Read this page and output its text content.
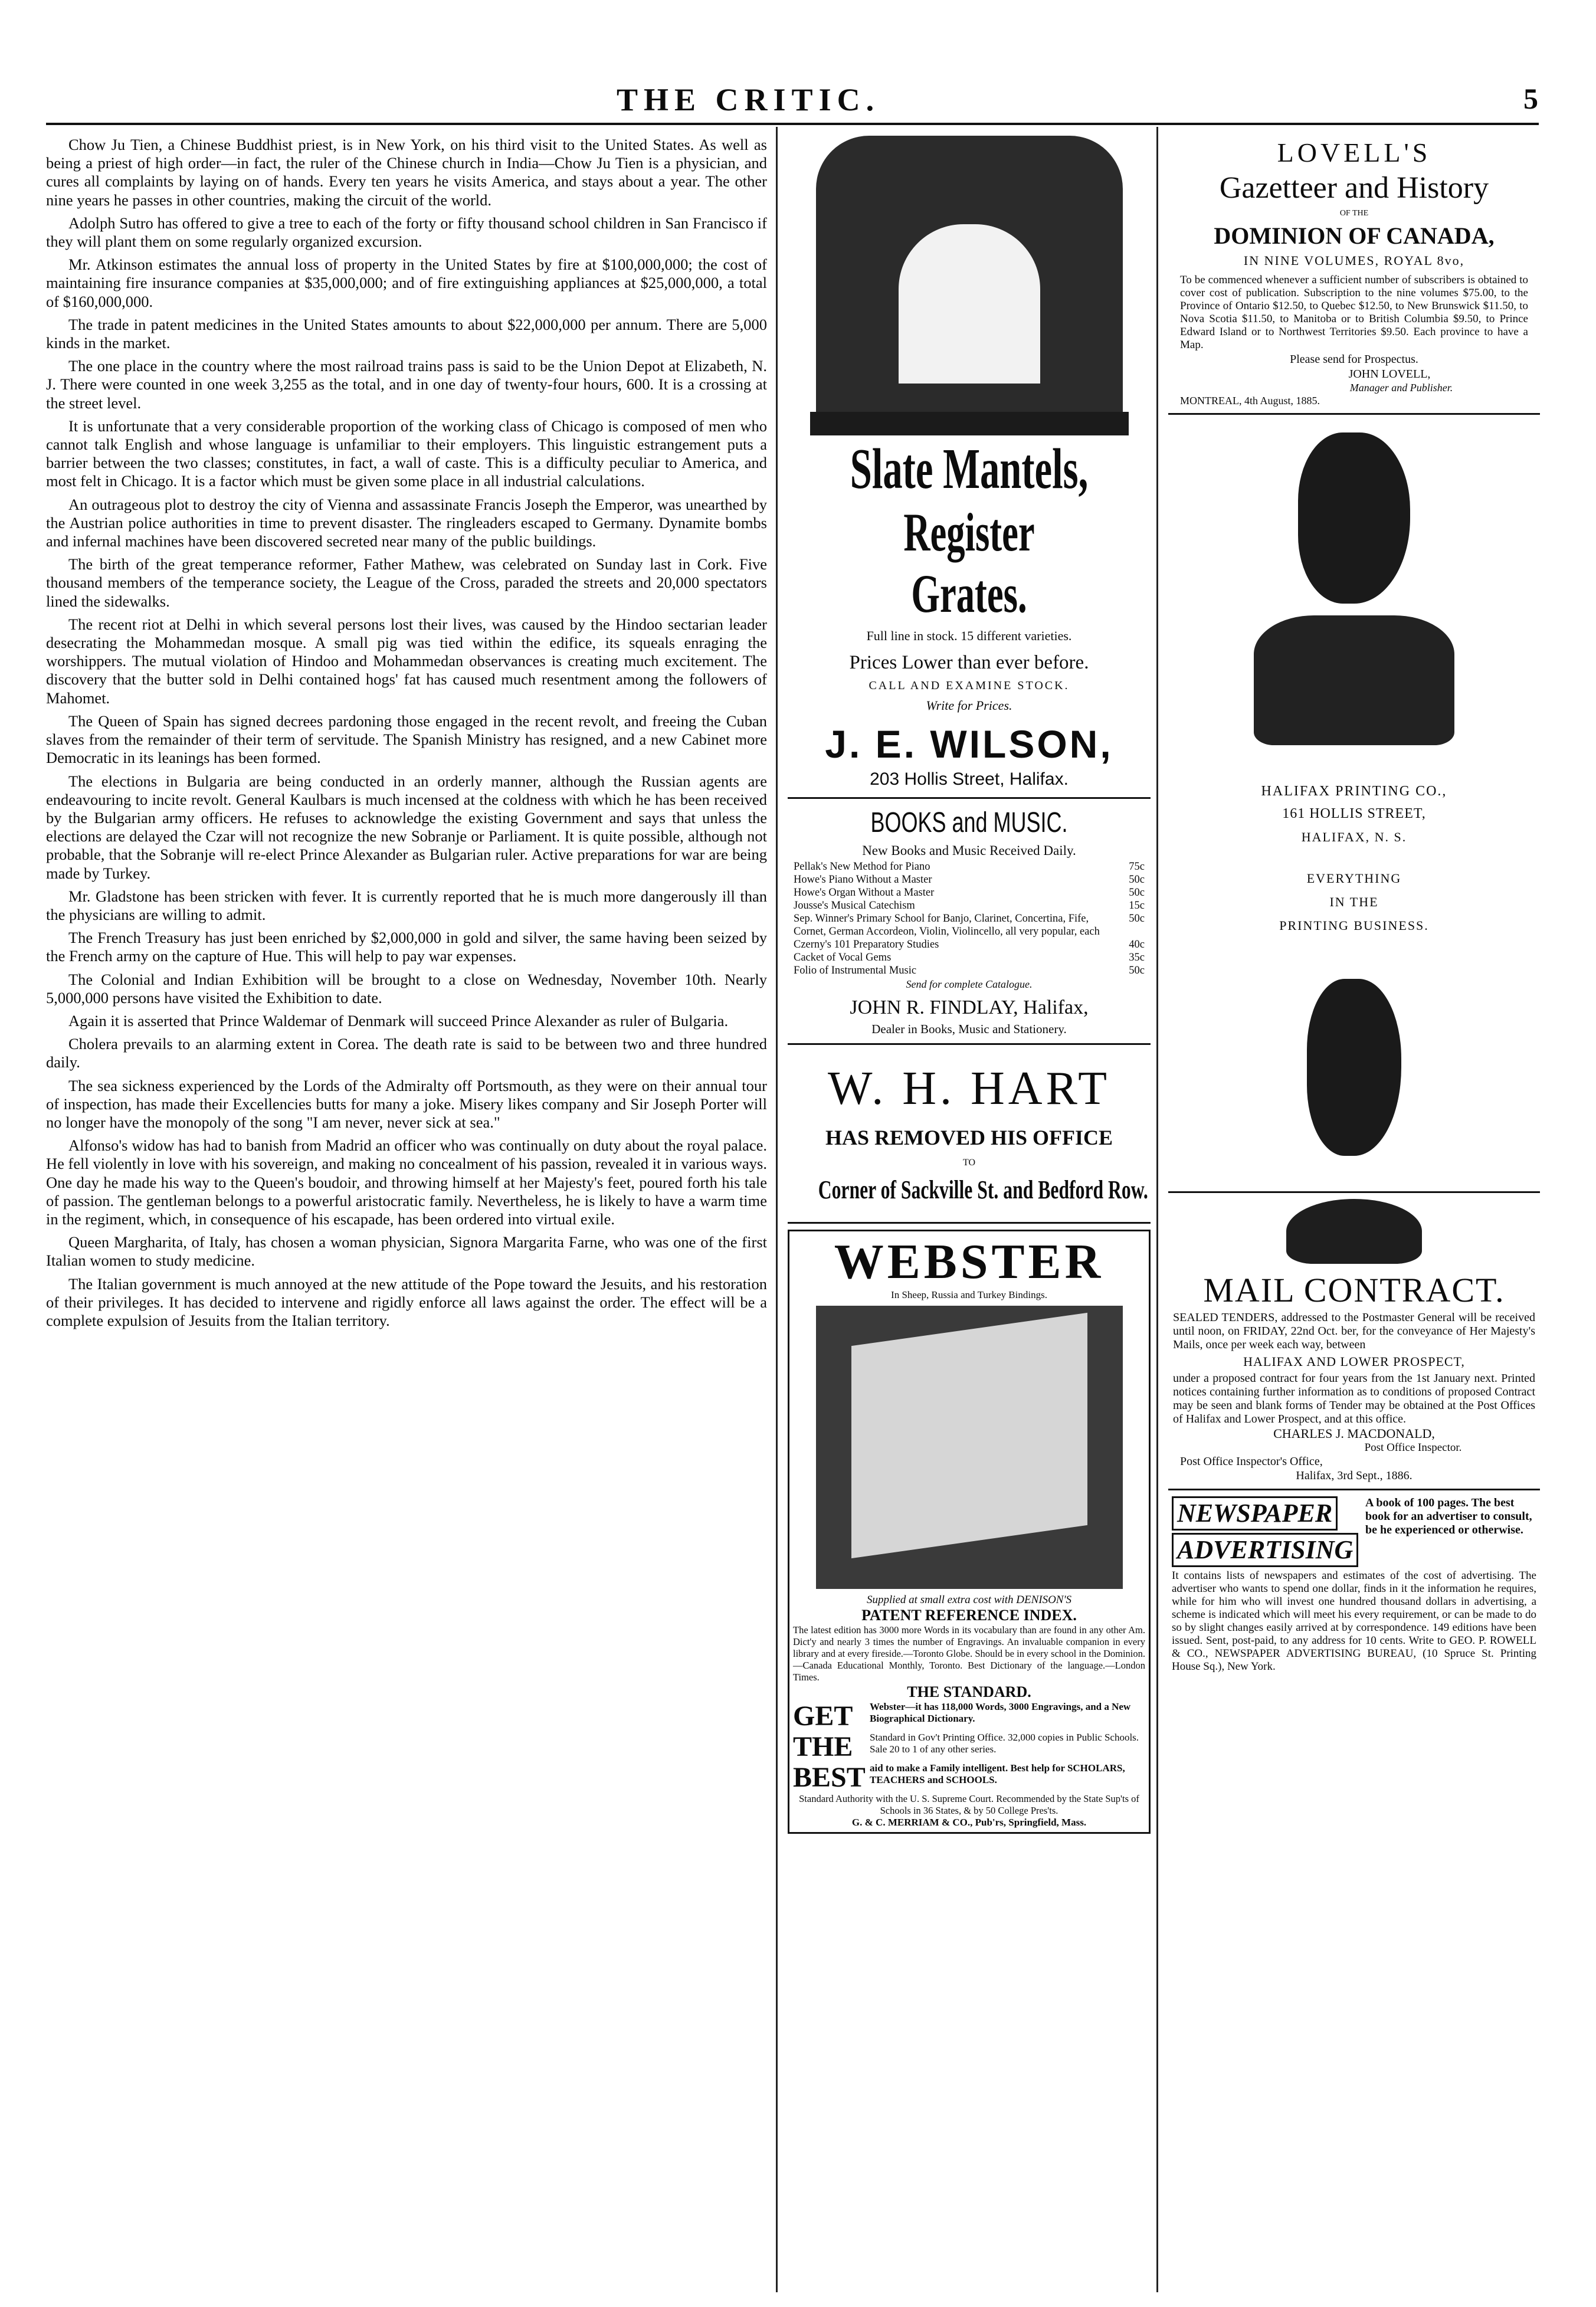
THE CRITIC.	5

Chow Ju Tien, a Chinese Buddhist priest, is in New York, on his third visit to the United States. As well as being a priest of high order—in fact, the ruler of the Chinese church in India—Chow Ju Tien is a physician, and cures all complaints by laying on of hands. Every ten years he visits America, and stays about a year. The other nine years he passes in other countries, making the circuit of the world.

Adolph Sutro has offered to give a tree to each of the forty or fifty thousand school children in San Francisco if they will plant them on some regularly organized excursion.

Mr. Atkinson estimates the annual loss of property in the United States by fire at $100,000,000; the cost of maintaining fire insurance companies at $35,000,000; and of fire extinguishing appliances at $25,000,000, a total of $160,000,000.

The trade in patent medicines in the United States amounts to about $22,000,000 per annum. There are 5,000 kinds in the market.

The one place in the country where the most railroad trains pass is said to be the Union Depot at Elizabeth, N. J. There were counted in one week 3,255 as the total, and in one day of twenty-four hours, 600. It is a crossing at the street level.

It is unfortunate that a very considerable proportion of the working class of Chicago is composed of men who cannot talk English and whose language is unfamiliar to their employers. This linguistic estrangement puts a barrier between the two classes; constitutes, in fact, a wall of caste. This is a difficulty peculiar to America, and most felt in Chicago. It is a factor which must be given some place in all industrial calculations.

An outrageous plot to destroy the city of Vienna and assassinate Francis Joseph the Emperor, was unearthed by the Austrian police authorities in time to prevent disaster. The ringleaders escaped to Germany. Dynamite bombs and infernal machines have been discovered secreted near many of the public buildings.

The birth of the great temperance reformer, Father Mathew, was celebrated on Sunday last in Cork. Five thousand members of the temperance society, the League of the Cross, paraded the streets and 20,000 spectators lined the sidewalks.

The recent riot at Delhi in which several persons lost their lives, was caused by the Hindoo sectarian leader desecrating the Mohammedan mosque. A small pig was tied within the edifice, its squeals enraging the worshippers. The mutual violation of Hindoo and Mohammedan observances is creating much excitement. The discovery that the butter sold in Delhi contained hogs' fat has caused much resentment among the followers of Mahomet.

The Queen of Spain has signed decrees pardoning those engaged in the recent revolt, and freeing the Cuban slaves from the remainder of their term of servitude. The Spanish Ministry has resigned, and a new Cabinet more Democratic in its leanings has been formed.

The elections in Bulgaria are being conducted in an orderly manner, although the Russian agents are endeavouring to incite revolt. General Kaulbars is much incensed at the coldness with which he has been received by the Bulgarian army officers. He refuses to acknowledge the existing Government and says that unless the elections are delayed the Czar will not recognize the new Sobranje or Parliament. It is quite possible, although not probable, that the Sobranje will re-elect Prince Alexander as Bulgarian ruler. Active preparations for war are being made by Turkey.

Mr. Gladstone has been stricken with fever. It is currently reported that he is much more dangerously ill than the physicians are willing to admit.

The French Treasury has just been enriched by $2,000,000 in gold and silver, the same having been seized by the French army on the capture of Hue. This will help to pay war expenses.

The Colonial and Indian Exhibition will be brought to a close on Wednesday, November 10th. Nearly 5,000,000 persons have visited the Exhibition to date.

Again it is asserted that Prince Waldemar of Denmark will succeed Prince Alexander as ruler of Bulgaria.

Cholera prevails to an alarming extent in Corea. The death rate is said to be between two and three hundred daily.

The sea sickness experienced by the Lords of the Admiralty off Portsmouth, as they were on their annual tour of inspection, has made their Excellencies butts for many a joke. Misery likes company and Sir Joseph Porter will no longer have the monopoly of the song "I am never, never sick at sea."

Alfonso's widow has had to banish from Madrid an officer who was continually on duty about the royal palace. He fell violently in love with his sovereign, and making no concealment of his passion, revealed it in various ways. One day he made his way to the Queen's boudoir, and throwing himself at her Majesty's feet, poured forth his tale of passion. The gentleman belongs to a powerful aristocratic family. Nevertheless, he is likely to have a warm time in the regiment, which, in consequence of his escapade, has been ordered into virtual exile.

Queen Margharita, of Italy, has chosen a woman physician, Signora Margarita Farne, who was one of the first Italian women to study medicine.

The Italian government is much annoyed at the new attitude of the Pope toward the Jesuits, and his restoration of their privileges. It has decided to intervene and rigidly enforce all laws against the order. The effect will be a complete expulsion of Jesuits from the Italian territory.

Slate Mantels,
Register Grates.
Full line in stock. 15 different varieties.
Prices Lower than ever before.
CALL AND EXAMINE STOCK.
Write for Prices.
J. E. WILSON,
203 Hollis Street, Halifax.
BOOKS and MUSIC.
New Books and Music Received Daily.
Pellak's New Method for Piano	75c
Howe's Piano Without a Master	50c
Howe's Organ Without a Master	50c
Jousse's Musical Catechism	15c
Sep. Winner's Primary School for Banjo, Clarinet, Concertina, Fife, Cornet, German Accordeon, Violin, Violincello, all very popular, each
50c
Czerny's 101 Preparatory Studies	40c
Cacket of Vocal Gems	35c
Folio of Instrumental Music	50c
Send for complete Catalogue.
JOHN R. FINDLAY, Halifax,
Dealer in Books, Music and Stationery.
W. H. HART
HAS REMOVED HIS OFFICE
TO
Corner of Sackville St. and Bedford Row.
WEBSTER
In Sheep, Russia and Turkey Bindings.
Supplied at small extra cost with DENISON'S
PATENT REFERENCE INDEX.
The latest edition has 3000 more Words in its vocabulary than are found in any other Am. Dict'y and nearly 3 times the number of Engravings. An invaluable companion in every library and at every fireside.—Toronto Globe. Should be in every school in the Dominion.—Canada Educational Monthly, Toronto. Best Dictionary of the language.—London Times.
THE STANDARD.
GET	Webster—it has 118,000 Words, 3000 Engravings, and a New Biographical Dictionary.
THE	Standard in Gov't Printing Office. 32,000 copies in Public Schools. Sale 20 to 1 of any other series.
BEST aid to make a Family intelligent. Best help for SCHOLARS, TEACHERS and SCHOOLS.
Standard Authority with the U. S. Supreme Court. Recommended by the State Sup'ts of Schools in 36 States, & by 50 College Pres'ts.
G. & C. MERRIAM & CO., Pub'rs, Springfield, Mass.
LOVELL'S
Gazetteer and History
OF THE
DOMINION OF CANADA,
IN NINE VOLUMES, ROYAL 8vo,
To be commenced whenever a sufficient number of subscribers is obtained to cover cost of publication. Subscription to the nine volumes $75.00, to the Province of Ontario $12.50, to Quebec $12.50, to New Brunswick $11.50, to Nova Scotia $11.50, to Manitoba or to British Columbia $9.50, to Prince Edward Island or to Northwest Territories $9.50. Each province to have a Map.
Please send for Prospectus.
JOHN LOVELL,
Manager and Publisher.
MONTREAL, 4th August, 1885.
HALIFAX PRINTING CO.,
161 HOLLIS STREET,
HALIFAX, N. S.
EVERYTHING
IN THE
PRINTING BUSINESS.
MAIL CONTRACT.
SEALED TENDERS, addressed to the Postmaster General will be received until noon, on FRIDAY, 22nd Oct. ber, for the conveyance of Her Majesty's Mails, once per week each way, between
HALIFAX AND LOWER PROSPECT,
under a proposed contract for four years from the 1st January next. Printed notices containing further information as to conditions of proposed Contract may be seen and blank forms of Tender may be obtained at the Post Offices of Halifax and Lower Prospect, and at this office.
CHARLES J. MACDONALD,
Post Office Inspector.
Post Office Inspector's Office,
Halifax, 3rd Sept., 1886.
NEWSPAPER ADVERTISING
A book of 100 pages. The best book for an advertiser to consult, be he experienced or otherwise.
It contains lists of newspapers and estimates of the cost of advertising. The advertiser who wants to spend one dollar, finds in it the information he requires, while for him who will invest one hundred thousand dollars in advertising, a scheme is indicated which will meet his every requirement, or can be made to do so by slight changes easily arrived at by correspondence. 149 editions have been issued. Sent, post-paid, to any address for 10 cents. Write to GEO. P. ROWELL & CO., NEWSPAPER ADVERTISING BUREAU, (10 Spruce St. Printing House Sq.), New York.
